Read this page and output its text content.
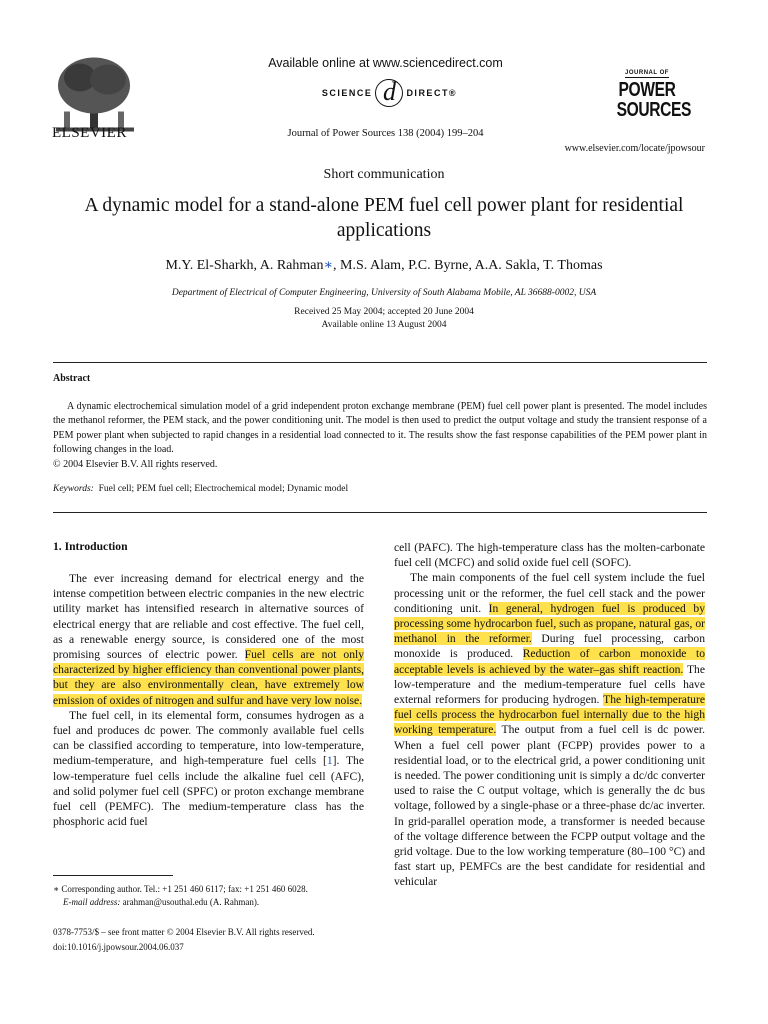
ELSEVIER
Available online at www.sciencedirect.com
SCIENCE d	DIRECT®
Journal of Power Sources 138 (2004) 199–204
JOURNAL OF
POWER
SOURCES
www.elsevier.com/locate/jpowsour
Short communication
A dynamic model for a stand-alone PEM fuel cell power plant for residential applications
M.Y. El-Sharkh, A. Rahman∗, M.S. Alam, P.C. Byrne, A.A. Sakla, T. Thomas
Department of Electrical of Computer Engineering, University of South Alabama Mobile, AL 36688-0002, USA
Received 25 May 2004; accepted 20 June 2004
Available online 13 August 2004
Abstract

A dynamic electrochemical simulation model of a grid independent proton exchange membrane (PEM) fuel cell power plant is presented. The model includes the methanol reformer, the PEM stack, and the power conditioning unit. The model is then used to predict the output voltage and study the transient response of a PEM power plant when subjected to rapid changes in a residential load connected to it. The results show the fast response capabilities of the PEM power plant in following changes in the load.

© 2004 Elsevier B.V. All rights reserved.

Keywords: Fuel cell; PEM fuel cell; Electrochemical model; Dynamic model
1. Introduction

The ever increasing demand for electrical energy and the intense competition between electric companies in the new electric utility market has intensified research in alternative sources of electrical energy that are reliable and cost effective. The fuel cell, as a renewable energy source, is considered one of the most promising sources of electric power. Fuel cells are not only characterized by higher efficiency than conventional power plants, but they are also environmentally clean, have extremely low emission of oxides of nitrogen and sulfur and have very low noise.

The fuel cell, in its elemental form, consumes hydrogen as a fuel and produces dc power. The commonly available fuel cells can be classified according to temperature, into low-temperature, medium-temperature, and high-temperature fuel cells [1]. The low-temperature fuel cells include the alkaline fuel cell (AFC), and solid polymer fuel cell (SPFC) or proton exchange membrane fuel cell (PEMFC). The medium-temperature class has the phosphoric acid fuel

cell (PAFC). The high-temperature class has the molten-carbonate fuel cell (MCFC) and solid oxide fuel cell (SOFC).

The main components of the fuel cell system include the fuel processing unit or the reformer, the fuel cell stack and the power conditioning unit. In general, hydrogen fuel is produced by processing some hydrocarbon fuel, such as propane, natural gas, or methanol in the reformer. During fuel processing, carbon monoxide is produced. Reduction of carbon monoxide to acceptable levels is achieved by the water–gas shift reaction. The low-temperature and the medium-temperature fuel cells have external reformers for producing hydrogen. The high-temperature fuel cells process the hydrocarbon fuel internally due to the high working temperature. The output from a fuel cell is dc power. When a fuel cell power plant (FCPP) provides power to a residential load, or to the electrical grid, a power conditioning unit is needed. The power conditioning unit is simply a dc/dc converter used to raise the C output voltage, which is generally the dc bus voltage, followed by a single-phase or a three-phase dc/ac inverter. In grid-parallel operation mode, a transformer is needed because of the voltage difference between the FCPP output voltage and the grid voltage. Due to the low working temperature (80–100 °C) and fast start up, PEMFCs are the best candidate for residential and vehicular

∗ Corresponding author. Tel.: +1 251 460 6117; fax: +1 251 460 6028.
E-mail address: arahman@usouthal.edu (A. Rahman).
0378-7753/$ – see front matter © 2004 Elsevier B.V. All rights reserved.
doi:10.1016/j.jpowsour.2004.06.037
